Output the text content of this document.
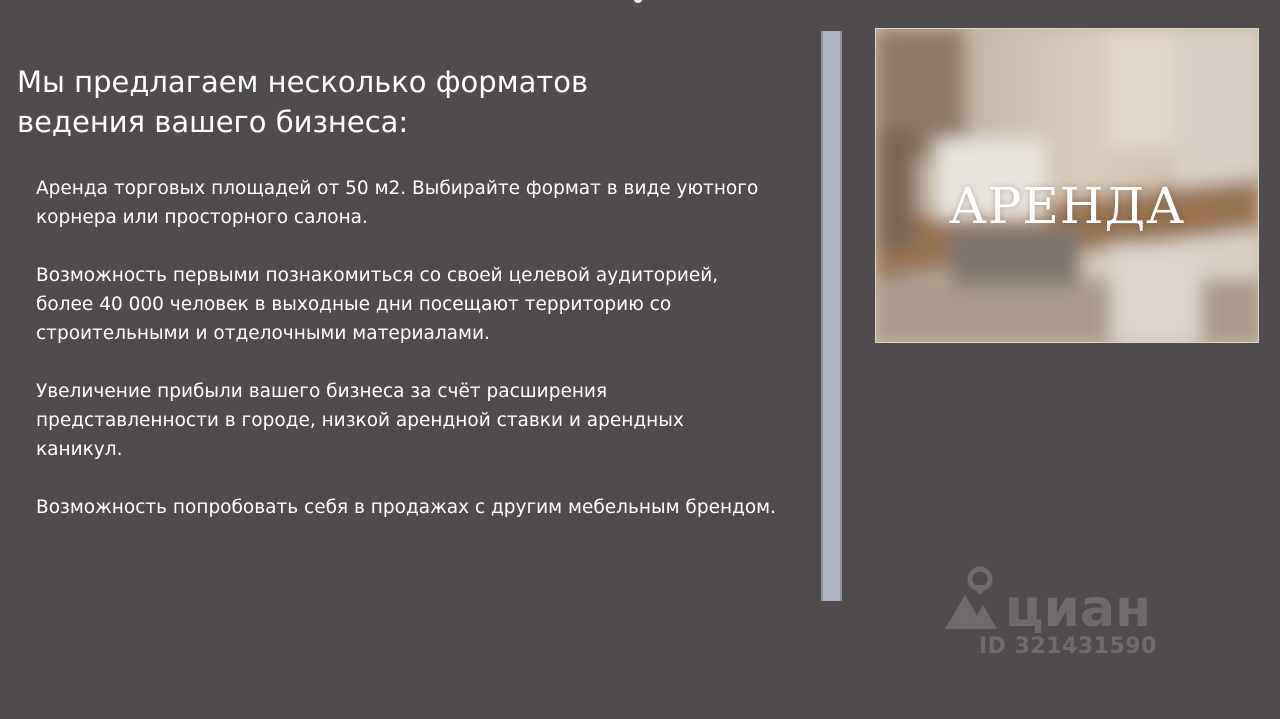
Мы предлагаем несколько форматов
ведения вашего бизнеса:

Аренда торговых площадей от 50 м2. Выбирайте формат в виде уютного корнера или просторного салона.

Возможность первыми познакомиться со своей целевой аудиторией, более 40 000 человек в выходные дни посещают территорию со строительными и отделочными материалами.

Увеличение прибыли вашего бизнеса за счёт расширения представленности в городе, низкой арендной ставки и арендных каникул.

Возможность попробовать себя в продажах с другим мебельным брендом.

АРЕНДА
циан
ID 321431590
